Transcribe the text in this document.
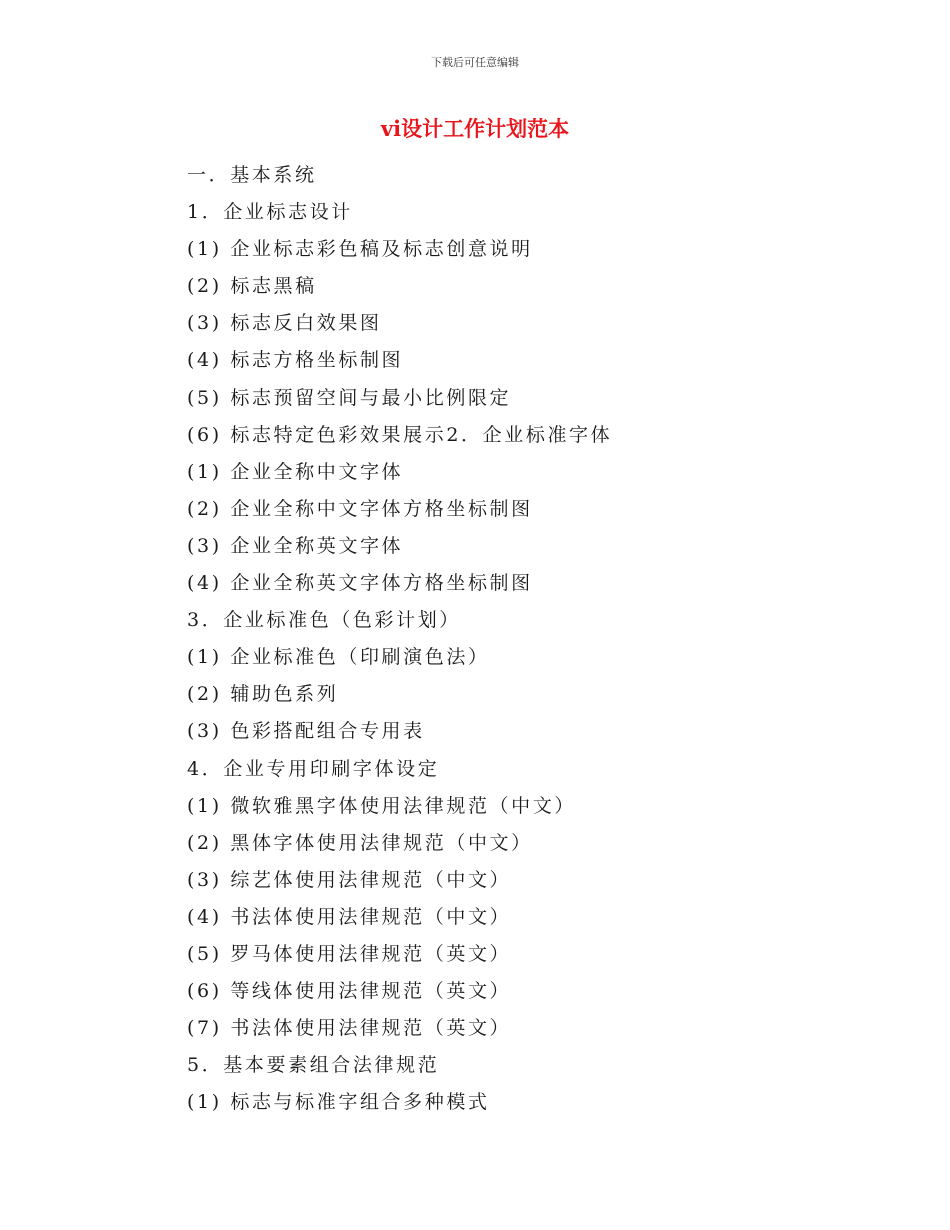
下载后可任意编辑
vi设计工作计划范本
一．基本系统
1．企业标志设计
(1) 企业标志彩色稿及标志创意说明
(2) 标志黑稿
(3) 标志反白效果图
(4) 标志方格坐标制图
(5) 标志预留空间与最小比例限定
(6) 标志特定色彩效果展示2．企业标准字体
(1) 企业全称中文字体
(2) 企业全称中文字体方格坐标制图
(3) 企业全称英文字体
(4) 企业全称英文字体方格坐标制图
3．企业标准色（色彩计划）
(1) 企业标准色（印刷演色法）
(2) 辅助色系列
(3) 色彩搭配组合专用表
4．企业专用印刷字体设定
(1) 微软雅黑字体使用法律规范（中文）
(2) 黑体字体使用法律规范（中文）
(3) 综艺体使用法律规范（中文）
(4) 书法体使用法律规范（中文）
(5) 罗马体使用法律规范（英文）
(6) 等线体使用法律规范（英文）
(7) 书法体使用法律规范（英文）
5．基本要素组合法律规范
(1) 标志与标准字组合多种模式
